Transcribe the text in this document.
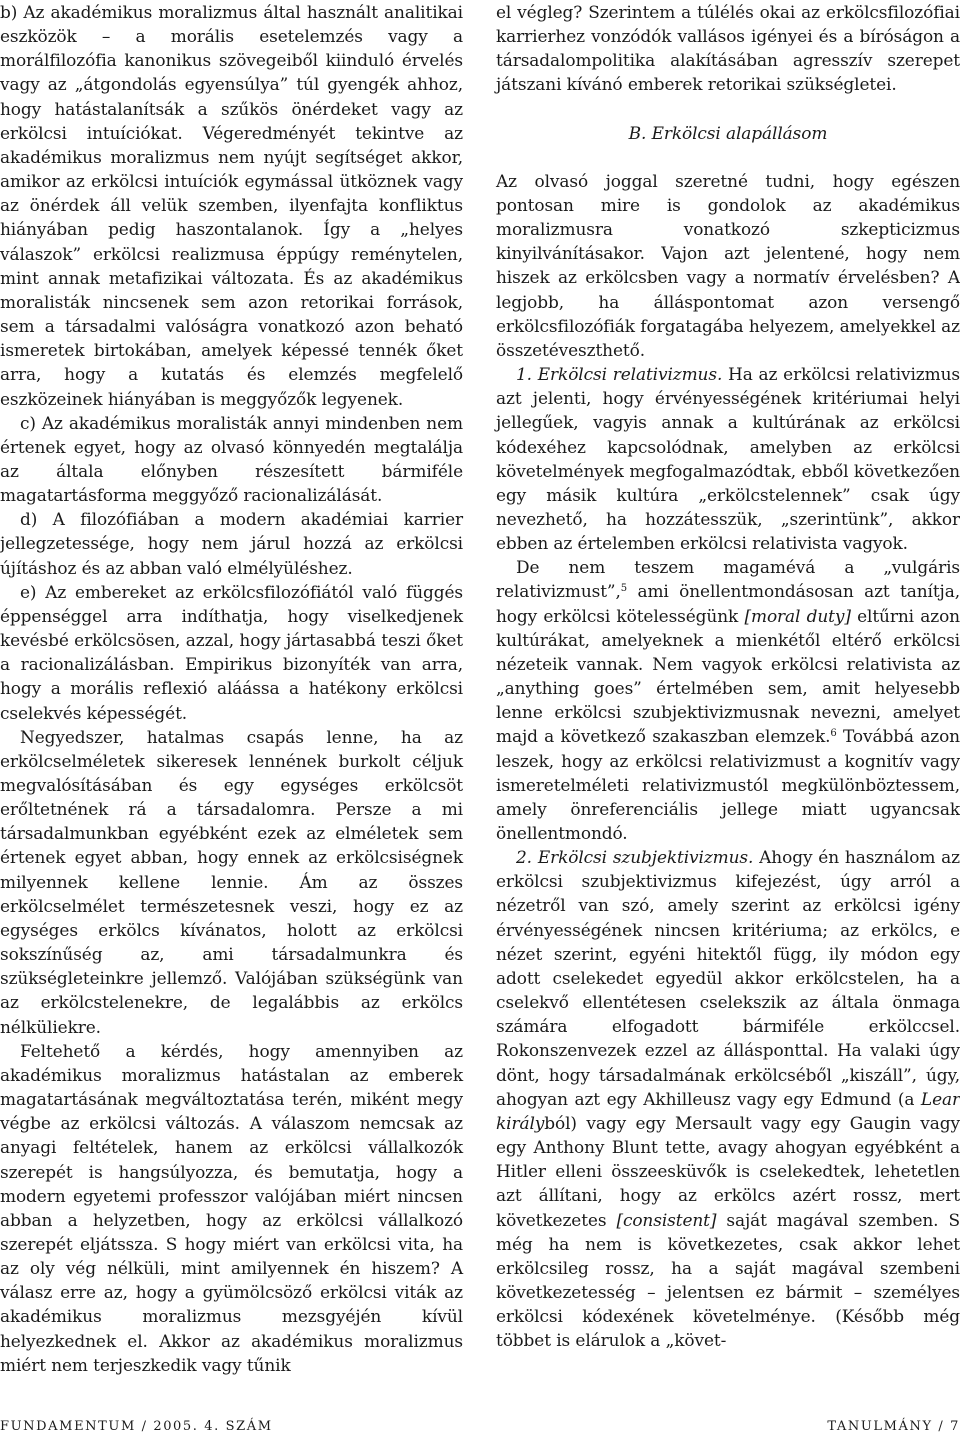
b) Az akadémikus moralizmus által használt analitikai eszközök – a morális esetelemzés vagy a morálfilozófia kanonikus szövegeiből kiinduló érvelés vagy az „átgondolás egyensúlya” túl gyengék ahhoz, hogy hatástalanítsák a szűkös önérdeket vagy az erkölcsi intuíciókat. Végeredményét tekintve az akadémikus moralizmus nem nyújt segítséget akkor, amikor az erkölcsi intuíciók egymással ütköznek vagy az önérdek áll velük szemben, ilyenfajta konfliktus hiányában pedig haszontalanok. Így a „helyes válaszok” erkölcsi realizmusa éppúgy reménytelen, mint annak metafizikai változata. És az akadémikus moralisták nincsenek sem azon retorikai források, sem a társadalmi valóságra vonatkozó azon beható ismeretek birtokában, amelyek képessé tennék őket arra, hogy a kutatás és elemzés megfelelő eszközeinek hiányában is meggyőzők legyenek.

c) Az akadémikus moralisták annyi mindenben nem értenek egyet, hogy az olvasó könnyedén megtalálja az általa előnyben részesített bármiféle magatartásforma meggyőző racionalizálását.

d) A filozófiában a modern akadémiai karrier jellegzetessége, hogy nem járul hozzá az erkölcsi újításhoz és az abban való elmélyüléshez.

e) Az embereket az erkölcsfilozófiától való függés éppenséggel arra indíthatja, hogy viselkedjenek kevésbé erkölcsösen, azzal, hogy jártasabbá teszi őket a racionalizálásban. Empirikus bizonyíték van arra, hogy a morális reflexió aláássa a hatékony erkölcsi cselekvés képességét.

Negyedszer, hatalmas csapás lenne, ha az erkölcselméletek sikeresek lennének burkolt céljuk megvalósításában és egy egységes erkölcsöt erőltetnének rá a társadalomra. Persze a mi társadalmunkban egyébként ezek az elméletek sem értenek egyet abban, hogy ennek az erkölcsiségnek milyennek kellene lennie. Ám az összes erkölcselmélet természetesnek veszi, hogy ez az egységes erkölcs kívánatos, holott az erkölcsi sokszínűség az, ami társadalmunkra és szükségleteinkre jellemző. Valójában szükségünk van az erkölcstelenekre, de legalábbis az erkölcs nélküliekre.

Feltehető a kérdés, hogy amennyiben az akadémikus moralizmus hatástalan az emberek magatartásának megváltoztatása terén, miként megy végbe az erkölcsi változás. A válaszom nemcsak az anyagi feltételek, hanem az erkölcsi vállalkozók szerepét is hangsúlyozza, és bemutatja, hogy a modern egyetemi professzor valójában miért nincsen abban a helyzetben, hogy az erkölcsi vállalkozó szerepét eljátssza. S hogy miért van erkölcsi vita, ha az oly vég nélküli, mint amilyennek én hiszem? A válasz erre az, hogy a gyümölcsöző erkölcsi viták az akadémikus moralizmus mezsgyéjén kívül helyezkednek el. Akkor az akadémikus moralizmus miért nem terjeszkedik vagy tűnik

el végleg? Szerintem a túlélés okai az erkölcsfilozófiai karrierhez vonzódók vallásos igényei és a bíróságon a társadalompolitika alakításában agresszív szerepet játszani kívánó emberek retorikai szükségletei.

B. Erkölcsi alapállásom

Az olvasó joggal szeretné tudni, hogy egészen pontosan mire is gondolok az akadémikus moralizmusra vonatkozó szkepticizmus kinyilvánításakor. Vajon azt jelentené, hogy nem hiszek az erkölcsben vagy a normatív érvelésben? A legjobb, ha álláspontomat azon versengő erkölcsfilozófiák forgatagába helyezem, amelyekkel az összetéveszthető.

1. Erkölcsi relativizmus. Ha az erkölcsi relativizmus azt jelenti, hogy érvényességének kritériumai helyi jellegűek, vagyis annak a kultúrának az erkölcsi kódexéhez kapcsolódnak, amelyben az erkölcsi követelmények megfogalmazódtak, ebből következően egy másik kultúra „erkölcstelennek” csak úgy nevezhető, ha hozzátesszük, „szerintünk”, akkor ebben az értelemben erkölcsi relativista vagyok.

De nem teszem magamévá a „vulgáris relativizmust”,$^5$ ami önellentmondásosan azt tanítja, hogy erkölcsi kötelességünk [moral duty] eltűrni azon kultúrákat, amelyeknek a mienkétől eltérő erkölcsi nézeteik vannak. Nem vagyok erkölcsi relativista az „anything goes” értelmében sem, amit helyesebb lenne erkölcsi szubjektivizmusnak nevezni, amelyet majd a következő szakaszban elemzek.$^6$ Továbbá azon leszek, hogy az erkölcsi relativizmust a kognitív vagy ismeretelméleti relativizmustól megkülönböztessem, amely önreferenciális jellege miatt ugyancsak önellentmondó.

2. Erkölcsi szubjektivizmus. Ahogy én használom az erkölcsi szubjektivizmus kifejezést, úgy arról a nézetről van szó, amely szerint az erkölcsi igény érvényességének nincsen kritériuma; az erkölcs, e nézet szerint, egyéni hitektől függ, ily módon egy adott cselekedet egyedül akkor erkölcstelen, ha a cselekvő ellentétesen cselekszik az általa önmaga számára elfogadott bármiféle erkölccsel. Rokonszenvezek ezzel az állásponttal. Ha valaki úgy dönt, hogy társadalmának erkölcséből „kiszáll”, úgy, ahogyan azt egy Akhilleusz vagy egy Edmund (a Lear királyból) vagy egy Mersault vagy egy Gaugin vagy egy Anthony Blunt tette, avagy ahogyan egyébként a Hitler elleni összeesküvők is cselekedtek, lehetetlen azt állítani, hogy az erkölcs azért rossz, mert következetes [consistent] saját magával szemben. S még ha nem is következetes, csak akkor lehet erkölcsileg rossz, ha a saját magával szembeni következetesség – jelentsen ez bármit – személyes erkölcsi kódexének követelménye. (Később még többet is elárulok a „követ-

FUNDAMENTUM / 2005. 4. SZÁM	TANULMÁNY / 7
